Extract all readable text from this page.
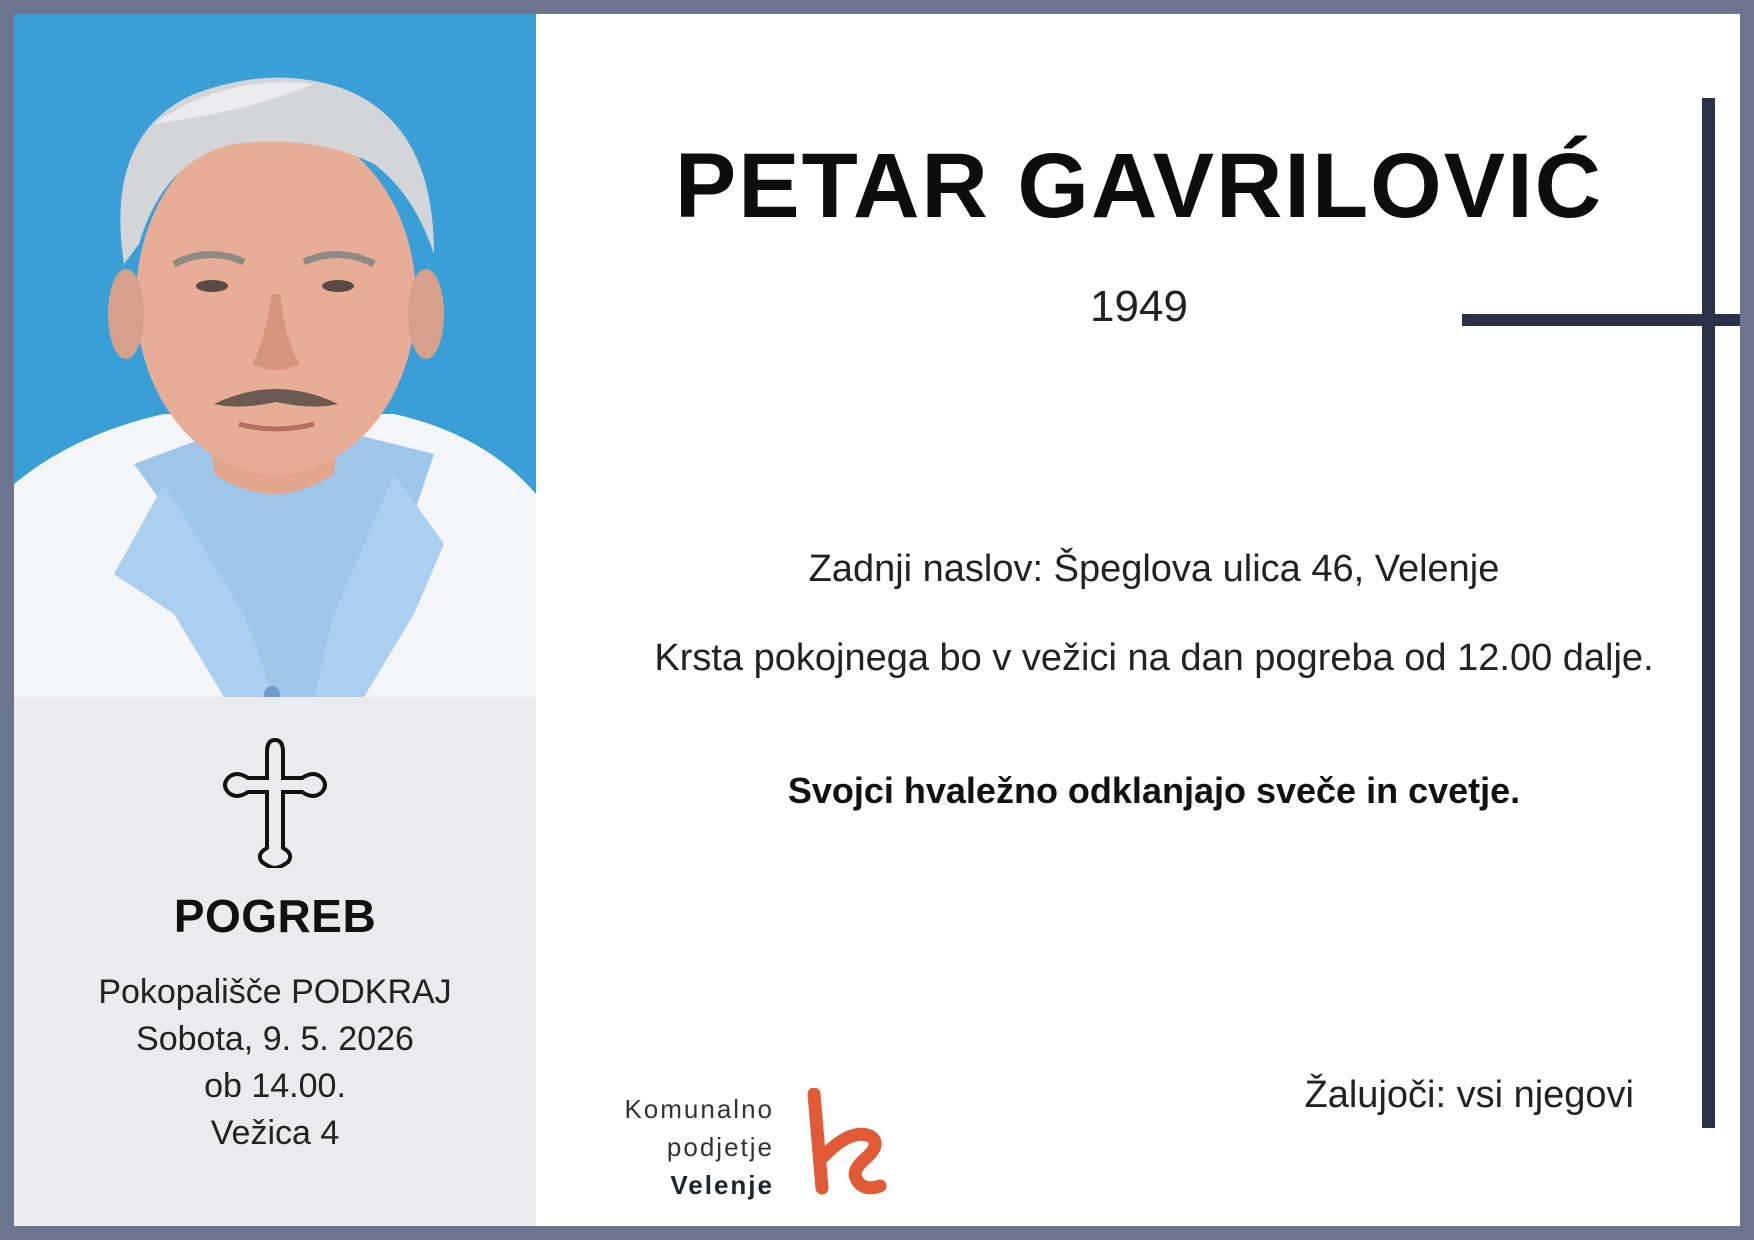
POGREB
Pokopališče PODKRAJ
Sobota, 9. 5. 2026
ob 14.00.
Vežica 4
PETAR GAVRILOVIĆ
1949
Zadnji naslov: Špeglova ulica 46, Velenje
Krsta pokojnega bo v vežici na dan pogreba od 12.00 dalje.
Svojci hvaležno odklanjajo sveče in cvetje.
Žalujoči: vsi njegovi
Komunalno
podjetje
Velenje
